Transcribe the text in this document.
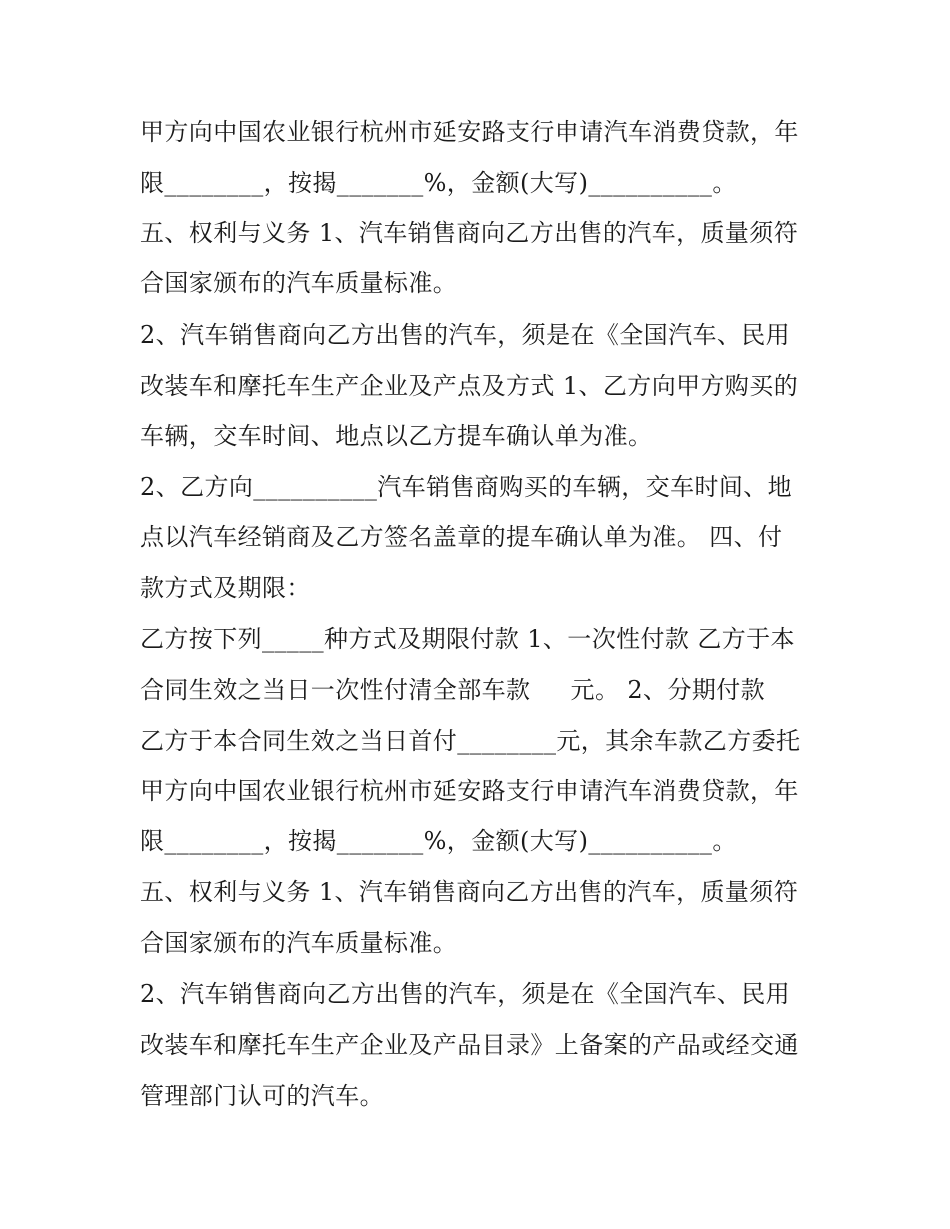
甲方向中国农业银行杭州市延安路支行申请汽车消费贷款，年
限________，按揭_______%，金额(大写)__________。
五、权利与义务 1、汽车销售商向乙方出售的汽车，质量须符
合国家颁布的汽车质量标准。
2、汽车销售商向乙方出售的汽车，须是在《全国汽车、民用
改装车和摩托车生产企业及产点及方式 1、乙方向甲方购买的
车辆，交车时间、地点以乙方提车确认单为准。
2、乙方向__________汽车销售商购买的车辆，交车时间、地
点以汽车经销商及乙方签名盖章的提车确认单为准。 四、付
款方式及期限：
乙方按下列_____种方式及期限付款 1、一次性付款 乙方于本
合同生效之当日一次性付清全部车款     元。 2、分期付款
乙方于本合同生效之当日首付________元，其余车款乙方委托
甲方向中国农业银行杭州市延安路支行申请汽车消费贷款，年
限________，按揭_______%，金额(大写)__________。
五、权利与义务 1、汽车销售商向乙方出售的汽车，质量须符
合国家颁布的汽车质量标准。
2、汽车销售商向乙方出售的汽车，须是在《全国汽车、民用
改装车和摩托车生产企业及产品目录》上备案的产品或经交通
管理部门认可的汽车。
